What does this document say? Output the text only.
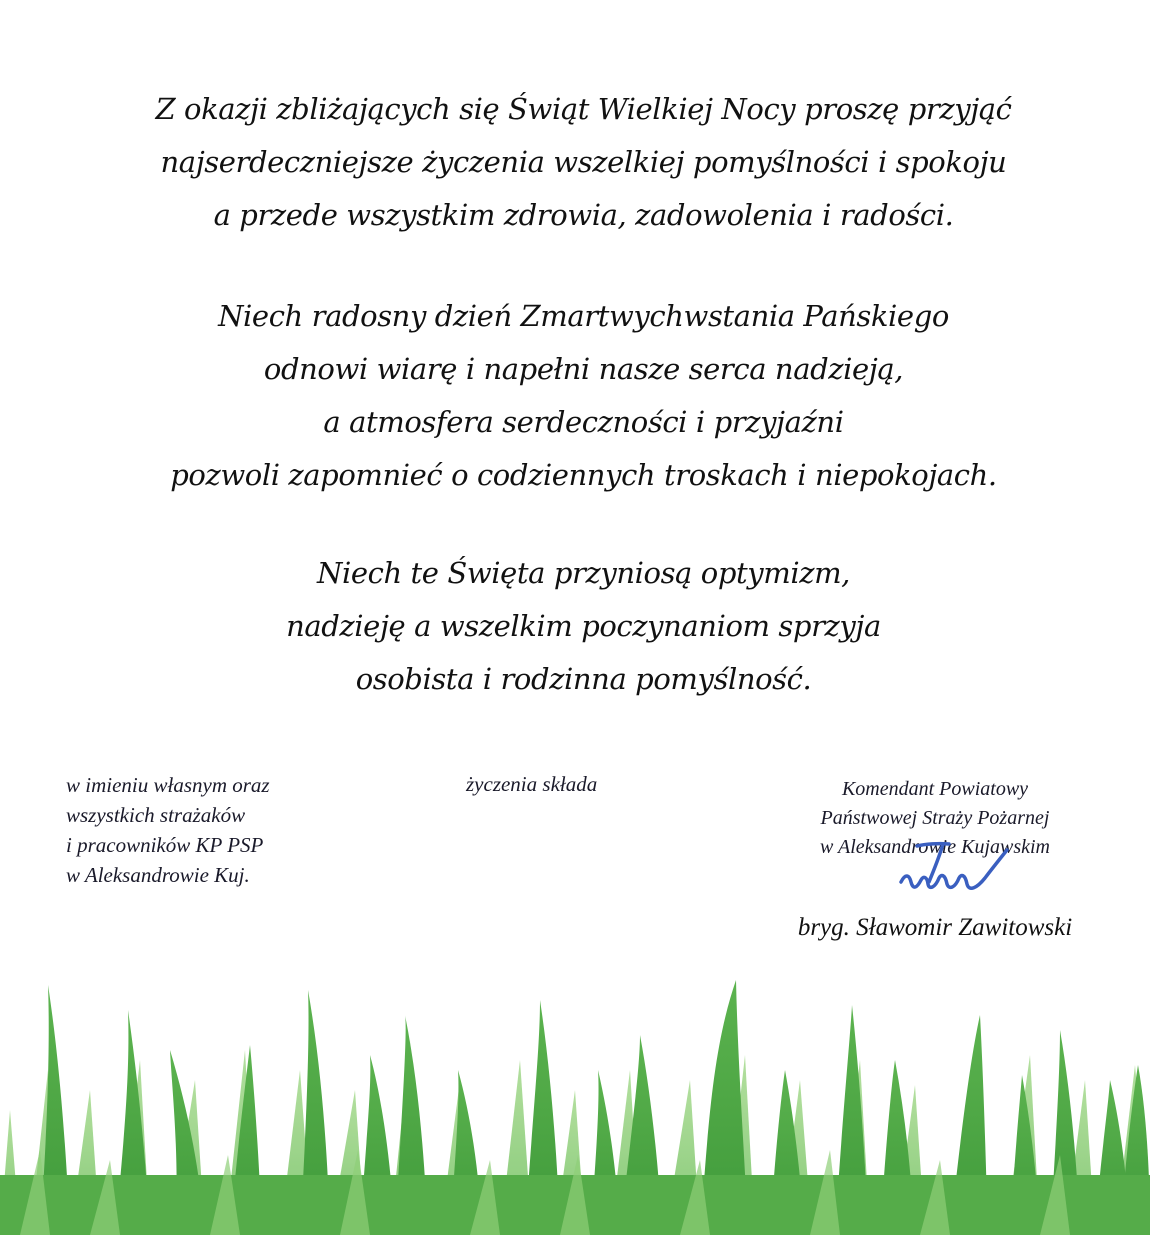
Z okazji zbliżających się Świąt Wielkiej Nocy proszę przyjąć
najserdeczniejsze życzenia wszelkiej pomyślności i spokoju
a przede wszystkim zdrowia, zadowolenia i radości.
Niech radosny dzień Zmartwychwstania Pańskiego
odnowi wiarę i napełni nasze serca nadzieją,
a atmosfera serdeczności i przyjaźni
pozwoli zapomnieć o codziennych troskach i niepokojach.
Niech te Święta przyniosą optymizm,
nadzieję a wszelkim poczynaniom sprzyja
osobista i rodzinna pomyślność.
w imieniu własnym oraz
wszystkich strażaków
i pracowników KP PSP
w Aleksandrowie Kuj.
życzenia składa	Komendant Powiatowy
Państwowej Straży Pożarnej
w Aleksandrowie Kujawskim
bryg. Sławomir Zawitowski
